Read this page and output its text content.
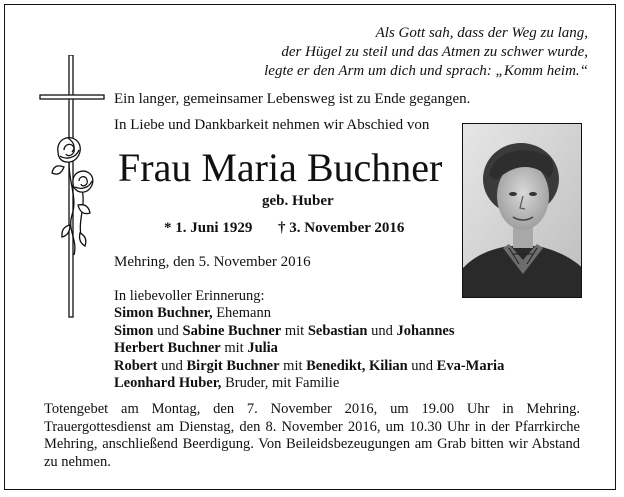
Als Gott sah, dass der Weg zu lang,
der Hügel zu steil und das Atmen zu schwer wurde,
legte er den Arm um dich und sprach: „Komm heim.“
Ein langer, gemeinsamer Lebensweg ist zu Ende gegangen.
In Liebe und Dankbarkeit nehmen wir Abschied von
Frau Maria Buchner
geb. Huber
* 1. Juni 1929 † 3. November 2016
Mehring, den 5. November 2016
In liebevoller Erinnerung:
Simon Buchner, Ehemann
Simon und Sabine Buchner mit Sebastian und Johannes
Herbert Buchner mit Julia
Robert und Birgit Buchner mit Benedikt, Kilian und Eva-Maria
Leonhard Huber, Bruder, mit Familie
Totengebet am Montag, den 7. November 2016, um 19.00 Uhr in Mehring. Trauergottesdienst am Dienstag, den 8. November 2016, um 10.30 Uhr in der Pfarrkirche Mehring, anschließend Beerdigung. Von Beileidsbezeugungen am Grab bitten wir Abstand zu nehmen.
